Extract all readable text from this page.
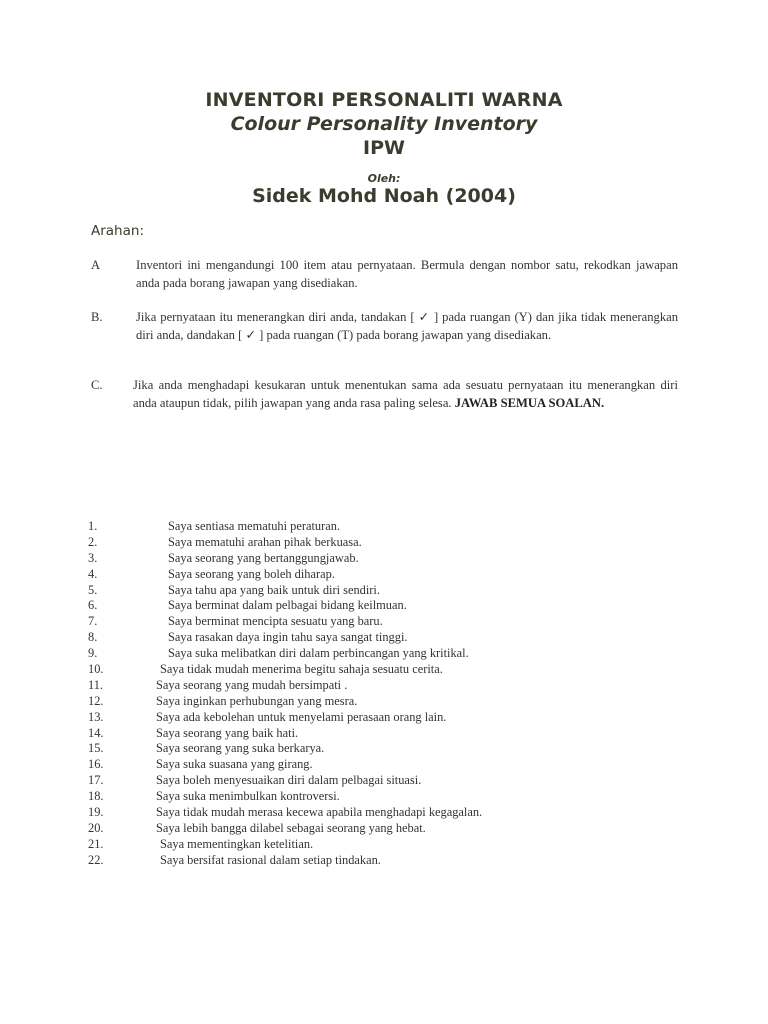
INVENTORI PERSONALITI WARNA
Colour Personality Inventory
IPW
Oleh:
Sidek Mohd Noah (2004)
Arahan:
A	Inventori ini mengandungi 100 item atau pernyataan. Bermula dengan nombor satu, rekodkan jawapan anda pada borang jawapan yang disediakan.
B.	Jika pernyataan itu menerangkan diri anda, tandakan [ ✓ ] pada ruangan (Y) dan jika tidak menerangkan diri anda, dandakan [ ✓ ] pada ruangan (T) pada borang jawapan yang disediakan.
C. Jika anda menghadapi kesukaran untuk menentukan sama ada sesuatu pernyataan itu menerangkan diri anda ataupun tidak, pilih jawapan yang anda rasa paling selesa. JAWAB SEMUA SOALAN.
1.	Saya sentiasa mematuhi peraturan.
2.	Saya mematuhi arahan pihak berkuasa.
3.	Saya seorang yang bertanggungjawab.
4.	Saya seorang yang boleh diharap.
5.	Saya tahu apa yang baik untuk diri sendiri.
6.	Saya berminat dalam pelbagai bidang keilmuan.
7.	Saya berminat mencipta sesuatu yang baru.
8.	Saya rasakan daya ingin tahu saya sangat tinggi.
9.	Saya suka melibatkan diri dalam perbincangan yang kritikal.
10.	Saya tidak mudah menerima begitu sahaja sesuatu cerita.
11.	Saya seorang yang mudah bersimpati .
12.	Saya inginkan perhubungan yang mesra.
13.	Saya ada kebolehan untuk menyelami perasaan orang lain.
14.	Saya seorang yang baik hati.
15.	Saya seorang yang suka berkarya.
16.	Saya suka suasana yang girang.
17.	Saya boleh menyesuaikan diri dalam pelbagai situasi.
18.	Saya suka menimbulkan kontroversi.
19.	Saya tidak mudah merasa kecewa apabila menghadapi kegagalan.
20.	Saya lebih bangga dilabel sebagai seorang yang hebat.
21.	Saya mementingkan ketelitian.
22.	Saya bersifat rasional dalam setiap tindakan.
